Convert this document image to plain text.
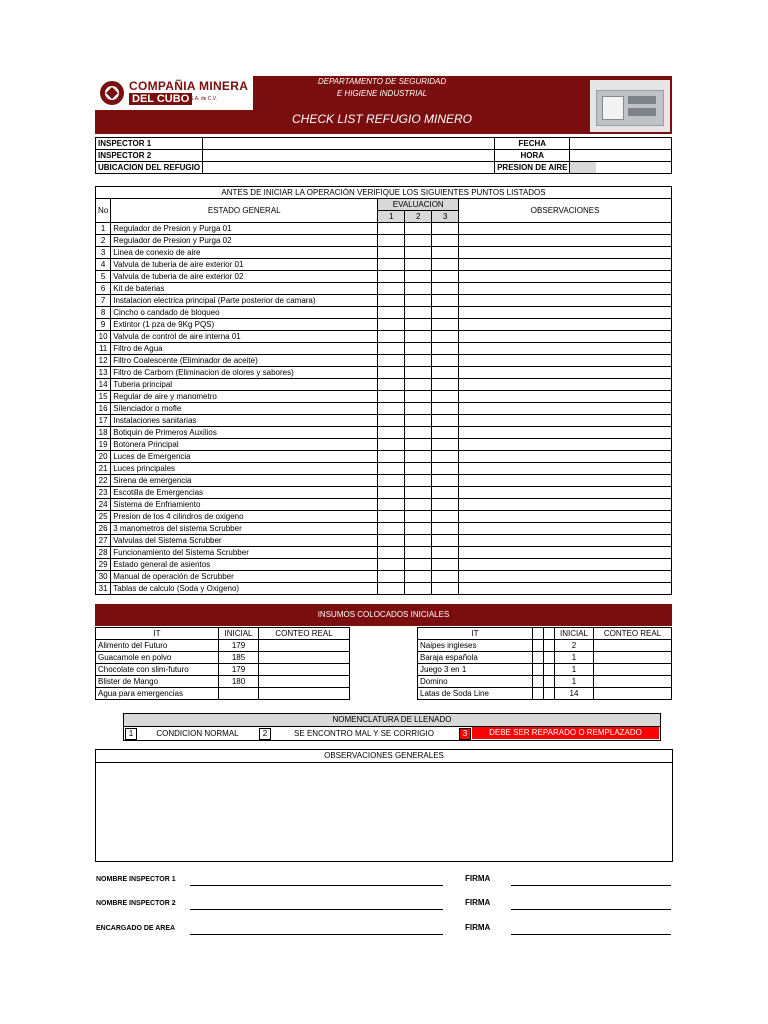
COMPAÑIA MINERA
DEL CUBO S.A. de C.V.
DEPARTAMENTO DE SEGURIDAD
E HIGIENE INDUSTRIAL
CHECK LIST REFUGIO MINERO
INSPECTOR 1		FECHA	
INSPECTOR 2		HORA	
UBICACION DEL REFUGIO		PRESION DE AIRE	
ANTES DE INICIAR LA OPERACIÓN VERIFIQUE LOS SIGUIENTES PUNTOS LISTADOS					
No	ESTADO GENERAL	EVALUACION			OBSERVACIONES
		1	2	3	
1	Regulador de Presion y Purga 01				
2	Regulador de Presion y Purga 02				
3	Linea de conexio de aire				
4	Valvula de tuberia de aire exterior 01				
5	Valvula de tuberia de aire exterior 02				
6	Kit de baterias				
7	Instalacion electrica principal (Parte posterior de camara)				
8	Cincho o candado de bloqueo				
9	Extintor (1 pza de 9Kg PQS)				
10	Valvula de control de aire interna 01				
11	Filtro de Agua				
12	Filtro Coalescente (Eliminador de aceite)				
13	Filtro de Carborn (Eliminacion de olores y sabores)				
14	Tuberia principal				
15	Regular de aire y manometro				
16	Silenciador o mofle				
17	Instalaciones sanitarias				
18	Botiquin de Primeros Auxilios				
19	Botonera Principal				
20	Luces de Emergencia				
21	Luces principales				
22	Sirena de emergencia				
23	Escotilla de Emergencias				
24	Sistema de Enfriamiento				
25	Presion de los 4 cilindros de oxigeno				
26	3 manometros del sistema Scrubber				
27	Valvulas del Sistema Scrubber				
28	Funcionamiento del Sistema Scrubber				
29	Estado general de asientos				
30	Manual de operación de Scrubber				
31	Tablas de calculo (Soda y Oxigeno)				
INSUMOS COLOCADOS INICIALES
IT	INICIAL	CONTEO REAL
Alimento del Futuro	179	
Guacamole en polvo	185	
Chocolate con slim-futuro	179	
Blister de Mango	180	
Agua para emergencias		
IT			INICIAL	CONTEO REAL
Naipes ingleses			2	
Baraja española			1	
Juego 3 en 1			1	
Domino			1	
Latas de Soda Line			14	
NOMENCLATURA DE LLENADO
1	CONDICION NORMAL	2	SE ENCONTRO MAL Y SE CORRIGIO	3	DEBE SER REPARADO O REMPLAZADO
OBSERVACIONES GENERALES
NOMBRE INSPECTOR 1	FIRMA
NOMBRE INSPECTOR 2	FIRMA
ENCARGADO DE AREA	FIRMA
